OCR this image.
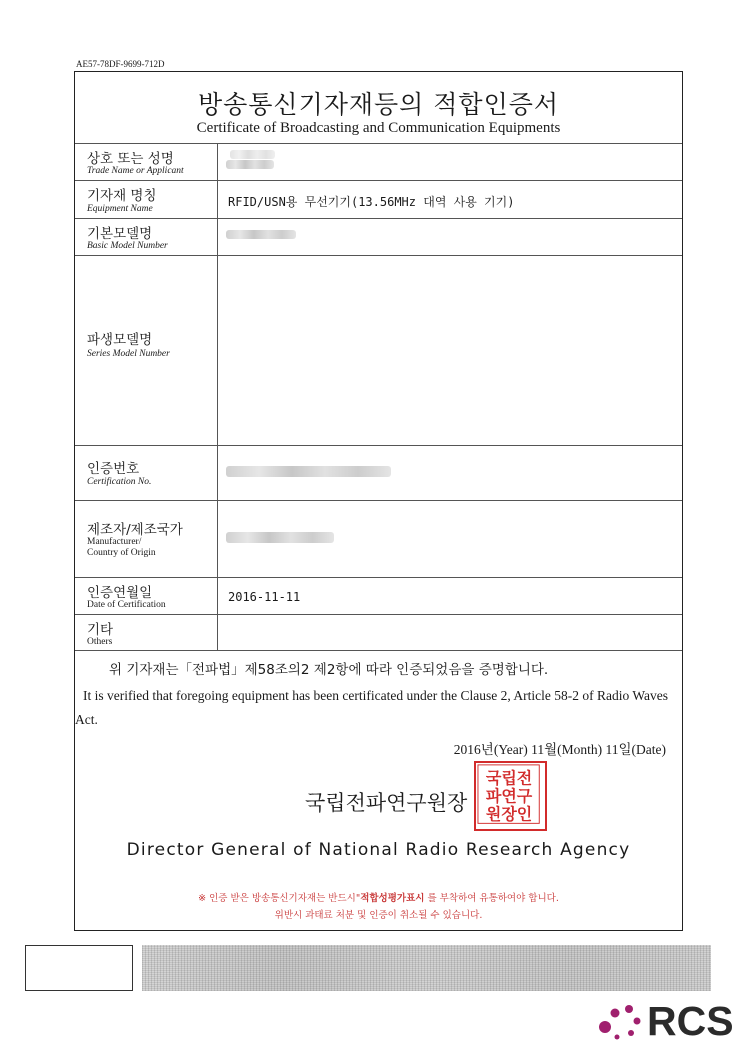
AE57-78DF-9699-712D
방송통신기자재등의 적합인증서
Certificate of Broadcasting and Communication Equipments
상호 또는 성명
Trade Name or Applicant
기자재 명칭
Equipment Name	RFID/USN용 무선기기(13.56MHz 대역 사용 기기)
기본모델명
Basic Model Number
파생모델명
Series Model Number
인증번호
Certification No.
제조자/제조국가
Manufacturer/
Country of Origin
인증연월일
Date of Certification
2016-11-11
기타
Others
위 기자재는「전파법」제58조의2 제2항에 따라 인증되었음을 증명합니다.
It is verified that foregoing equipment has been certificated under the Clause 2, Article 58-2 of Radio Waves Act.
2016년(Year) 11월(Month) 11일(Date)
국립전파연구원장
국립전
파연구
원장인
Director General of National Radio Research Agency
※ 인증 받은 방송통신기자재는 반드시"적합성평가표시 를 부착하여 유통하여야 합니다.
위반시 과태료 처분 및 인증이 취소될 수 있습니다.
RCS
